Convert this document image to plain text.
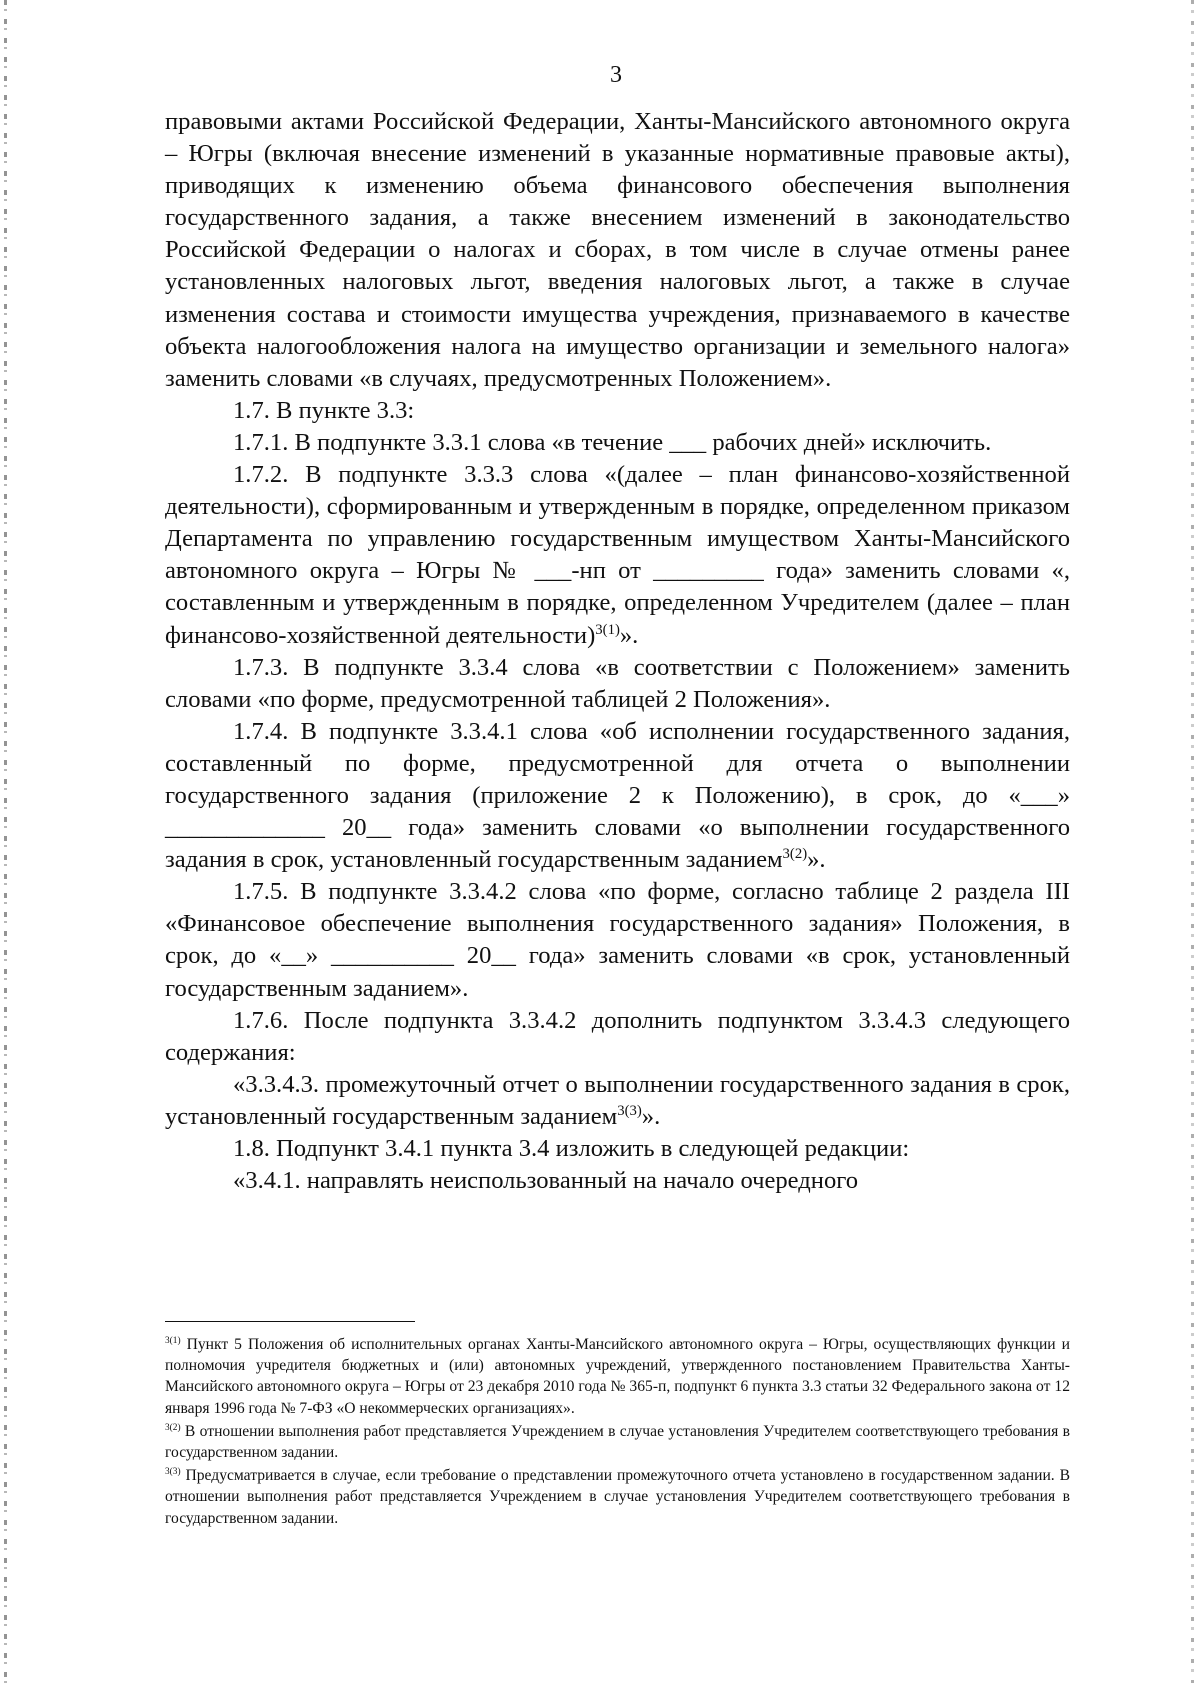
3

правовыми актами Российской Федерации, Ханты-Мансийского автономного округа – Югры (включая внесение изменений в указанные нормативные правовые акты), приводящих к изменению объема финансового обеспечения выполнения государственного задания, а также внесением изменений в законодательство Российской Федерации о налогах и сборах, в том числе в случае отмены ранее установленных налоговых льгот, введения налоговых льгот, а также в случае изменения состава и стоимости имущества учреждения, признаваемого в качестве объекта налогообложения налога на имущество организации и земельного налога» заменить словами «в случаях, предусмотренных Положением».

1.7. В пункте 3.3:

1.7.1. В подпункте 3.3.1 слова «в течение ___ рабочих дней» исключить.

1.7.2. В подпункте 3.3.3 слова «(далее – план финансово-хозяйственной деятельности), сформированным и утвержденным в порядке, определенном приказом Департамента по управлению государственным имуществом Ханты-Мансийского автономного округа – Югры № ___-нп от _________ года» заменить словами «, составленным и утвержденным в порядке, определенном Учредителем (далее – план финансово-хозяйственной деятельности)$^{3(1)}$».

1.7.3. В подпункте 3.3.4 слова «в соответствии с Положением» заменить словами «по форме, предусмотренной таблицей 2 Положения».

1.7.4. В подпункте 3.3.4.1 слова «об исполнении государственного задания, составленный по форме, предусмотренной для отчета о выполнении государственного задания (приложение 2 к Положению), в срок, до «___» _____________ 20__ года» заменить словами «о выполнении государственного задания в срок, установленный государственным заданием$^{3(2)}$».

1.7.5. В подпункте 3.3.4.2 слова «по форме, согласно таблице 2 раздела III «Финансовое обеспечение выполнения государственного задания» Положения, в срок, до «__» __________ 20__ года» заменить словами «в срок, установленный государственным заданием».

1.7.6. После подпункта 3.3.4.2 дополнить подпунктом 3.3.4.3 следующего содержания:

«3.3.4.3. промежуточный отчет о выполнении государственного задания в срок, установленный государственным заданием$^{3(3)}$».

1.8. Подпункт 3.4.1 пункта 3.4 изложить в следующей редакции:

«3.4.1. направлять неиспользованный на начало очередного

$^{3(1)}$ Пункт 5 Положения об исполнительных органах Ханты-Мансийского автономного округа – Югры, осуществляющих функции и полномочия учредителя бюджетных и (или) автономных учреждений, утвержденного постановлением Правительства Ханты-Мансийского автономного округа – Югры от 23 декабря 2010 года № 365-п, подпункт 6 пункта 3.3 статьи 32 Федерального закона от 12 января 1996 года № 7-ФЗ «О некоммерческих организациях».

$^{3(2)}$ В отношении выполнения работ представляется Учреждением в случае установления Учредителем соответствующего требования в государственном задании.

$^{3(3)}$ Предусматривается в случае, если требование о представлении промежуточного отчета установлено в государственном задании. В отношении выполнения работ представляется Учреждением в случае установления Учредителем соответствующего требования в государственном задании.
